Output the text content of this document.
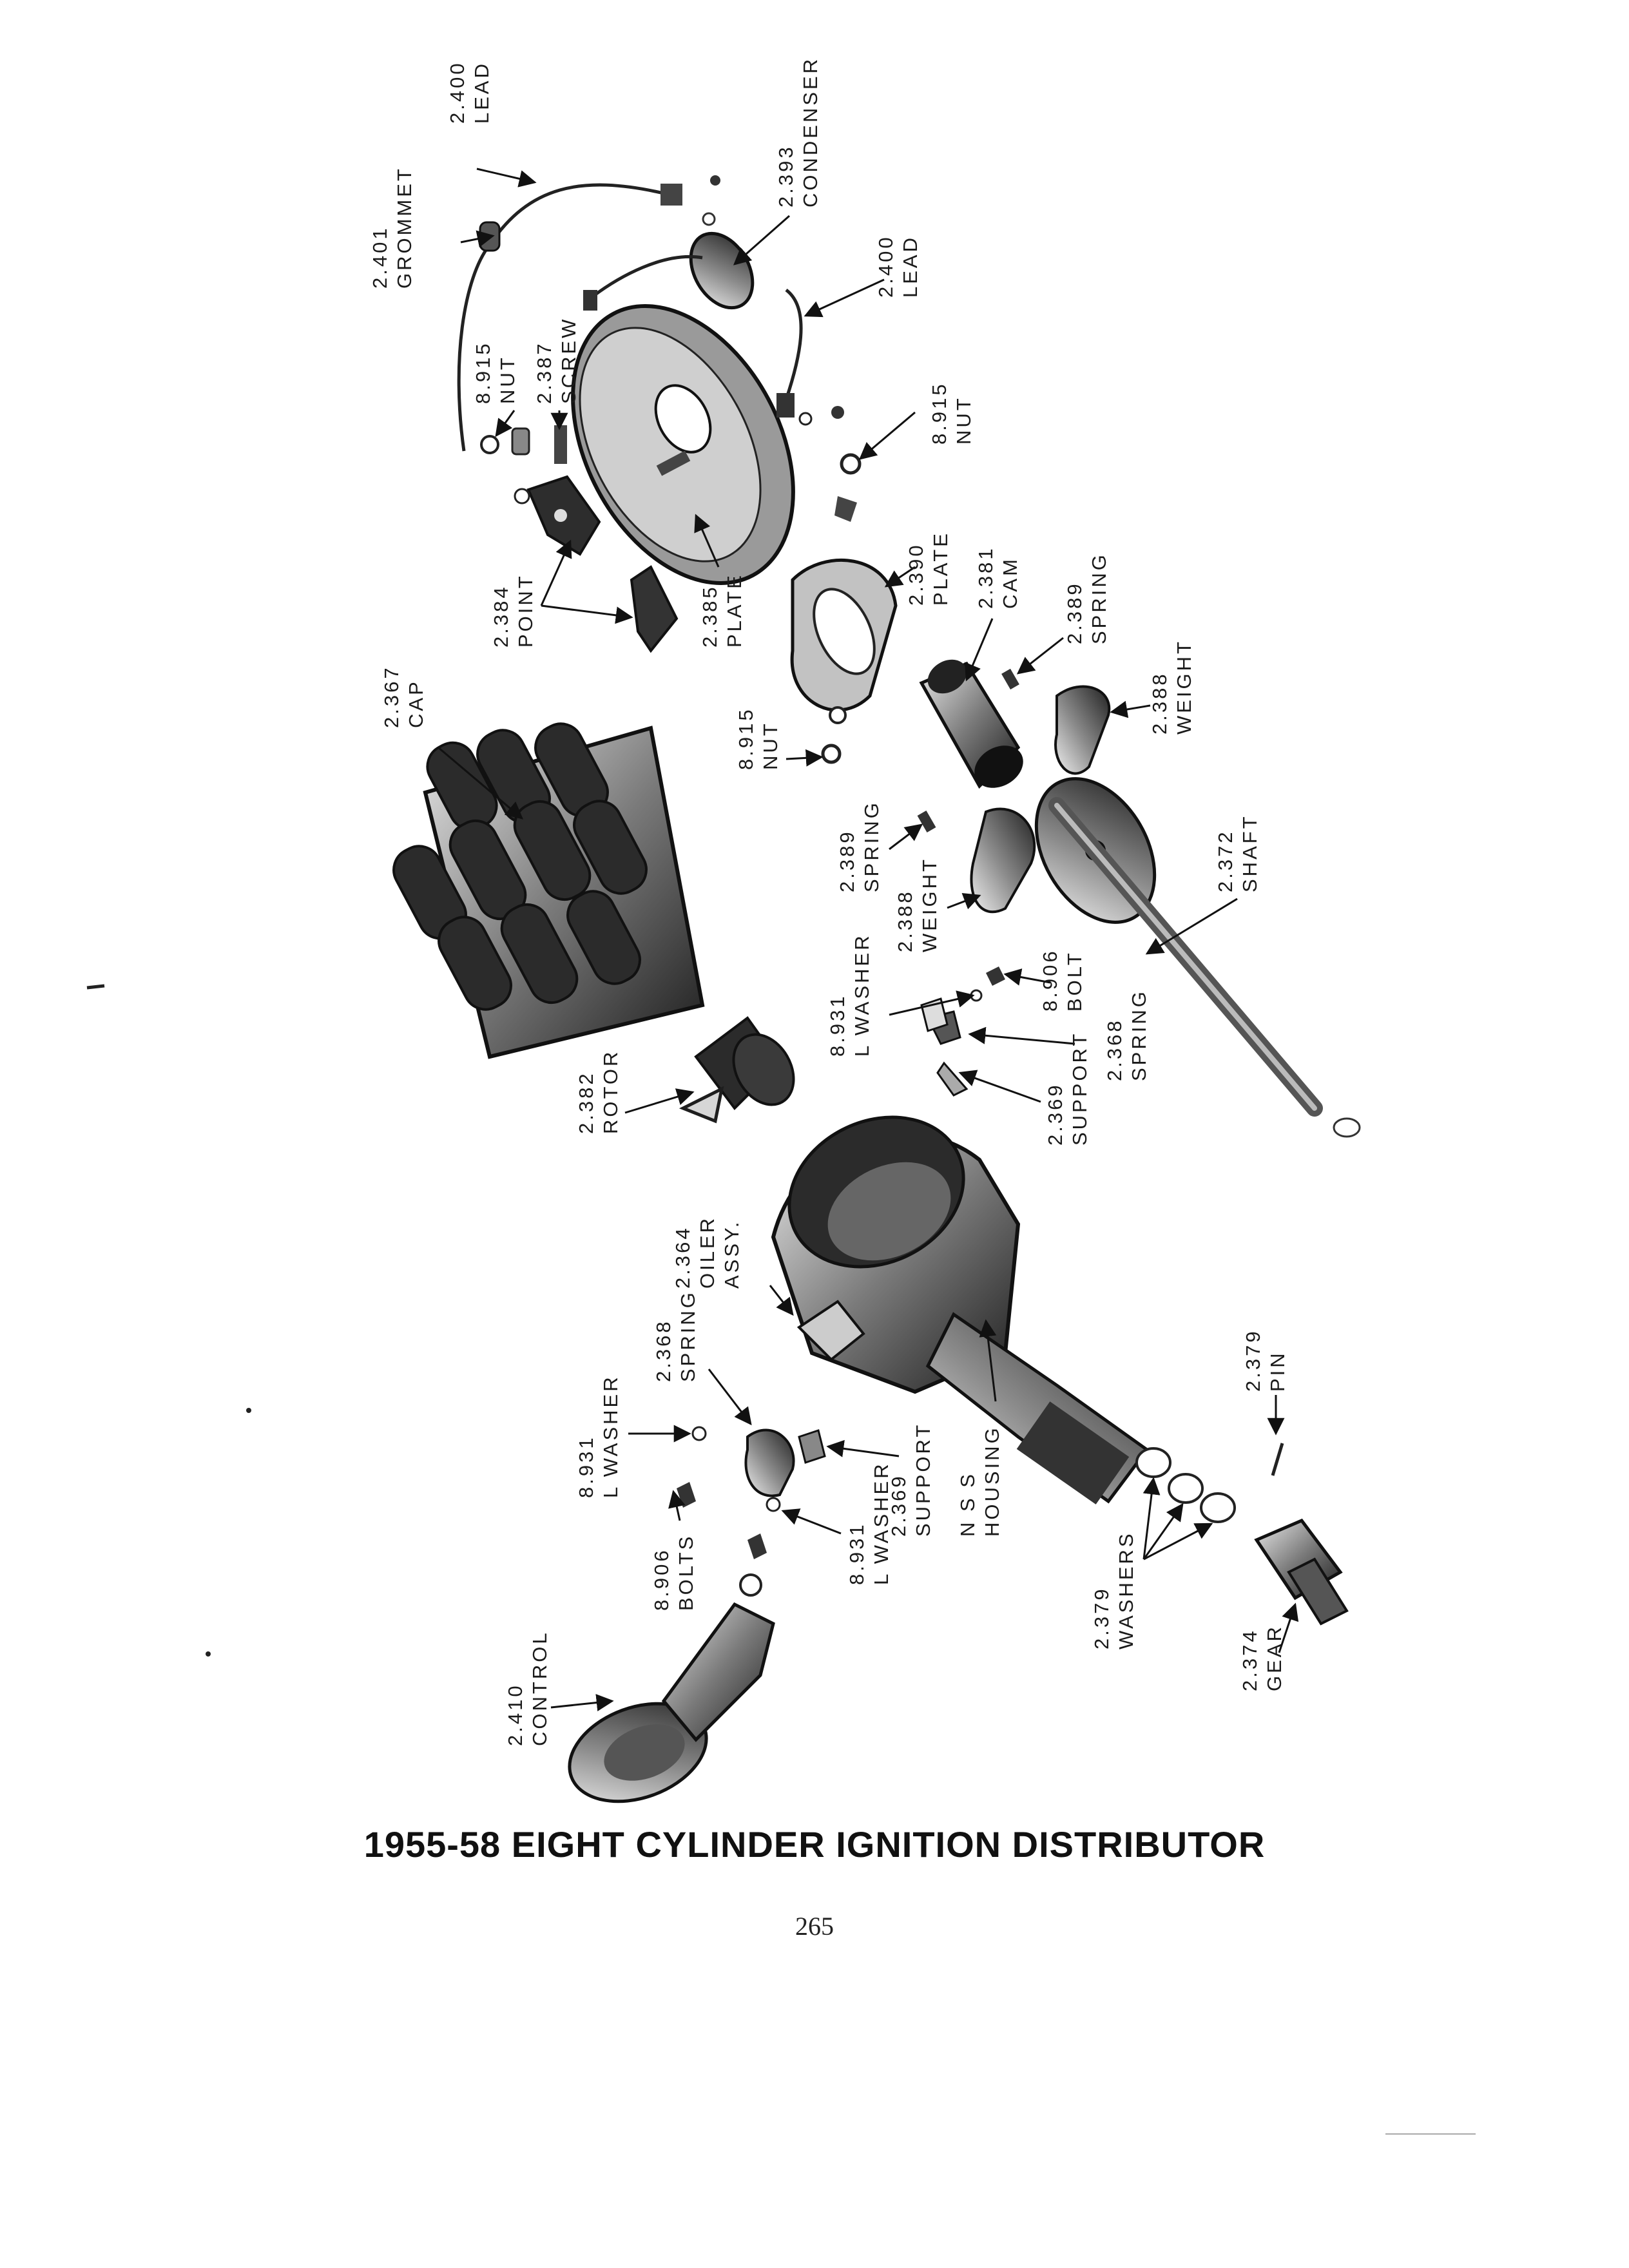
2.400 LEAD
2.401 GROMMET	2.393 CONDENSER
2.400 LEAD
8.915 NUT 2.387 SCREW
8.915 NUT
2.384 POINT	2.385 PLATE	2.390 PLATE 2.381 CAM 2.389 SPRING
2.388 WEIGHT
2.367 CAP
8.915 NUT
2.389 SPRING
2.388 WEIGHT	2.372 SHAFT
8.931 L WASHER	8.906 BOLT
2.368 SPRING
2.369 SUPPORT
2.382 ROTOR
2.364 OILER ASSY.
8.931 L WASHER
2.368 SPRING
2.369 SUPPORT N S S HOUSING
2.379 PIN
8.906 BOLTS	8.931 L WASHER
2.379 WASHERS
2.374 GEAR
2.410 CONTROL
1955-58 EIGHT CYLINDER IGNITION DISTRIBUTOR
265
